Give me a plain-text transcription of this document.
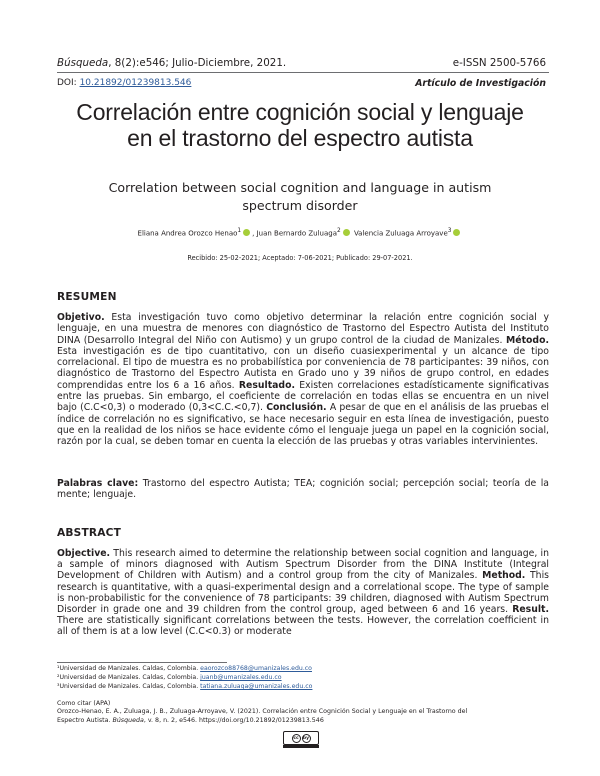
Búsqueda, 8(2):e546; Julio-Diciembre, 2021.	e-ISSN 2500-5766
DOI: 10.21892/01239813.546	Artículo de Investigación
Correlación entre cognición social y lenguaje
en el trastorno del espectro autista
Correlation between social cognition and language in autism
spectrum disorder
Eliana Andrea Orozco Henao$^1$ , Juan Bernardo Zuluaga$^2$ Valencia Zuluaga Arroyave$^3$
Recibido: 25-02-2021; Aceptado: 7-06-2021; Publicado: 29-07-2021.
RESUMEN
Objetivo. Esta investigación tuvo como objetivo determinar la relación entre cognición social y lenguaje, en una muestra de menores con diagnóstico de Trastorno del Espectro Autista del Instituto DINA (Desarrollo Integral del Niño con Autismo) y un grupo control de la ciudad de Manizales. Método. Esta investigación es de tipo cuantitativo, con un diseño cuasiexperimental y un alcance de tipo correlacional. El tipo de muestra es no probabilística por conveniencia de 78 participantes: 39 niños, con diagnóstico de Trastorno del Espectro Autista en Grado uno y 39 niños de grupo control, en edades comprendidas entre los 6 a 16 años. Resultado. Existen correlaciones estadísticamente significativas entre las pruebas. Sin embargo, el coeficiente de correlación en todas ellas se encuentra en un nivel bajo (C.C<0,3) o moderado (0,3<C.C.<0,7). Conclusión. A pesar de que en el análisis de las pruebas el índice de correlación no es significativo, se hace necesario seguir en esta línea de investigación, puesto que en la realidad de los niños se hace evidente cómo el lenguaje juega un papel en la cognición social, razón por la cual, se deben tomar en cuenta la elección de las pruebas y otras variables intervinientes.
Palabras clave: Trastorno del espectro Autista; TEA; cognición social; percepción social; teoría de la mente; lenguaje.
ABSTRACT
Objective. This research aimed to determine the relationship between social cognition and language, in a sample of minors diagnosed with Autism Spectrum Disorder from the DINA Institute (Integral Development of Children with Autism) and a control group from the city of Manizales. Method. This research is quantitative, with a quasi-experimental design and a correlational scope. The type of sample is non-probabilistic for the convenience of 78 participants: 39 children, diagnosed with Autism Spectrum Disorder in grade one and 39 children from the control group, aged between 6 and 16 years. Result. There are statistically significant correlations between the tests. However, the correlation coefficient in all of them is at a low level (C.C<0.3) or moderate
¹Universidad de Manizales. Caldas, Colombia. eaorozco88768@umanizales.edu.co
²Universidad de Manizales. Caldas, Colombia. juanb@umanizales.edu.co
³Universidad de Manizales. Caldas, Colombia. tatiana.zuluaga@umanizales.edu.co
Como citar (APA)
Orozco-Henao, E. A., Zuluaga, J. B., Zuluaga-Arroyave, V. (2021). Correlación entre Cognición Social y Lenguaje en el Trastorno del
Espectro Autista. Búsqueda, v. 8, n. 2, e546. https://doi.org/10.21892/01239813.546
cc by
